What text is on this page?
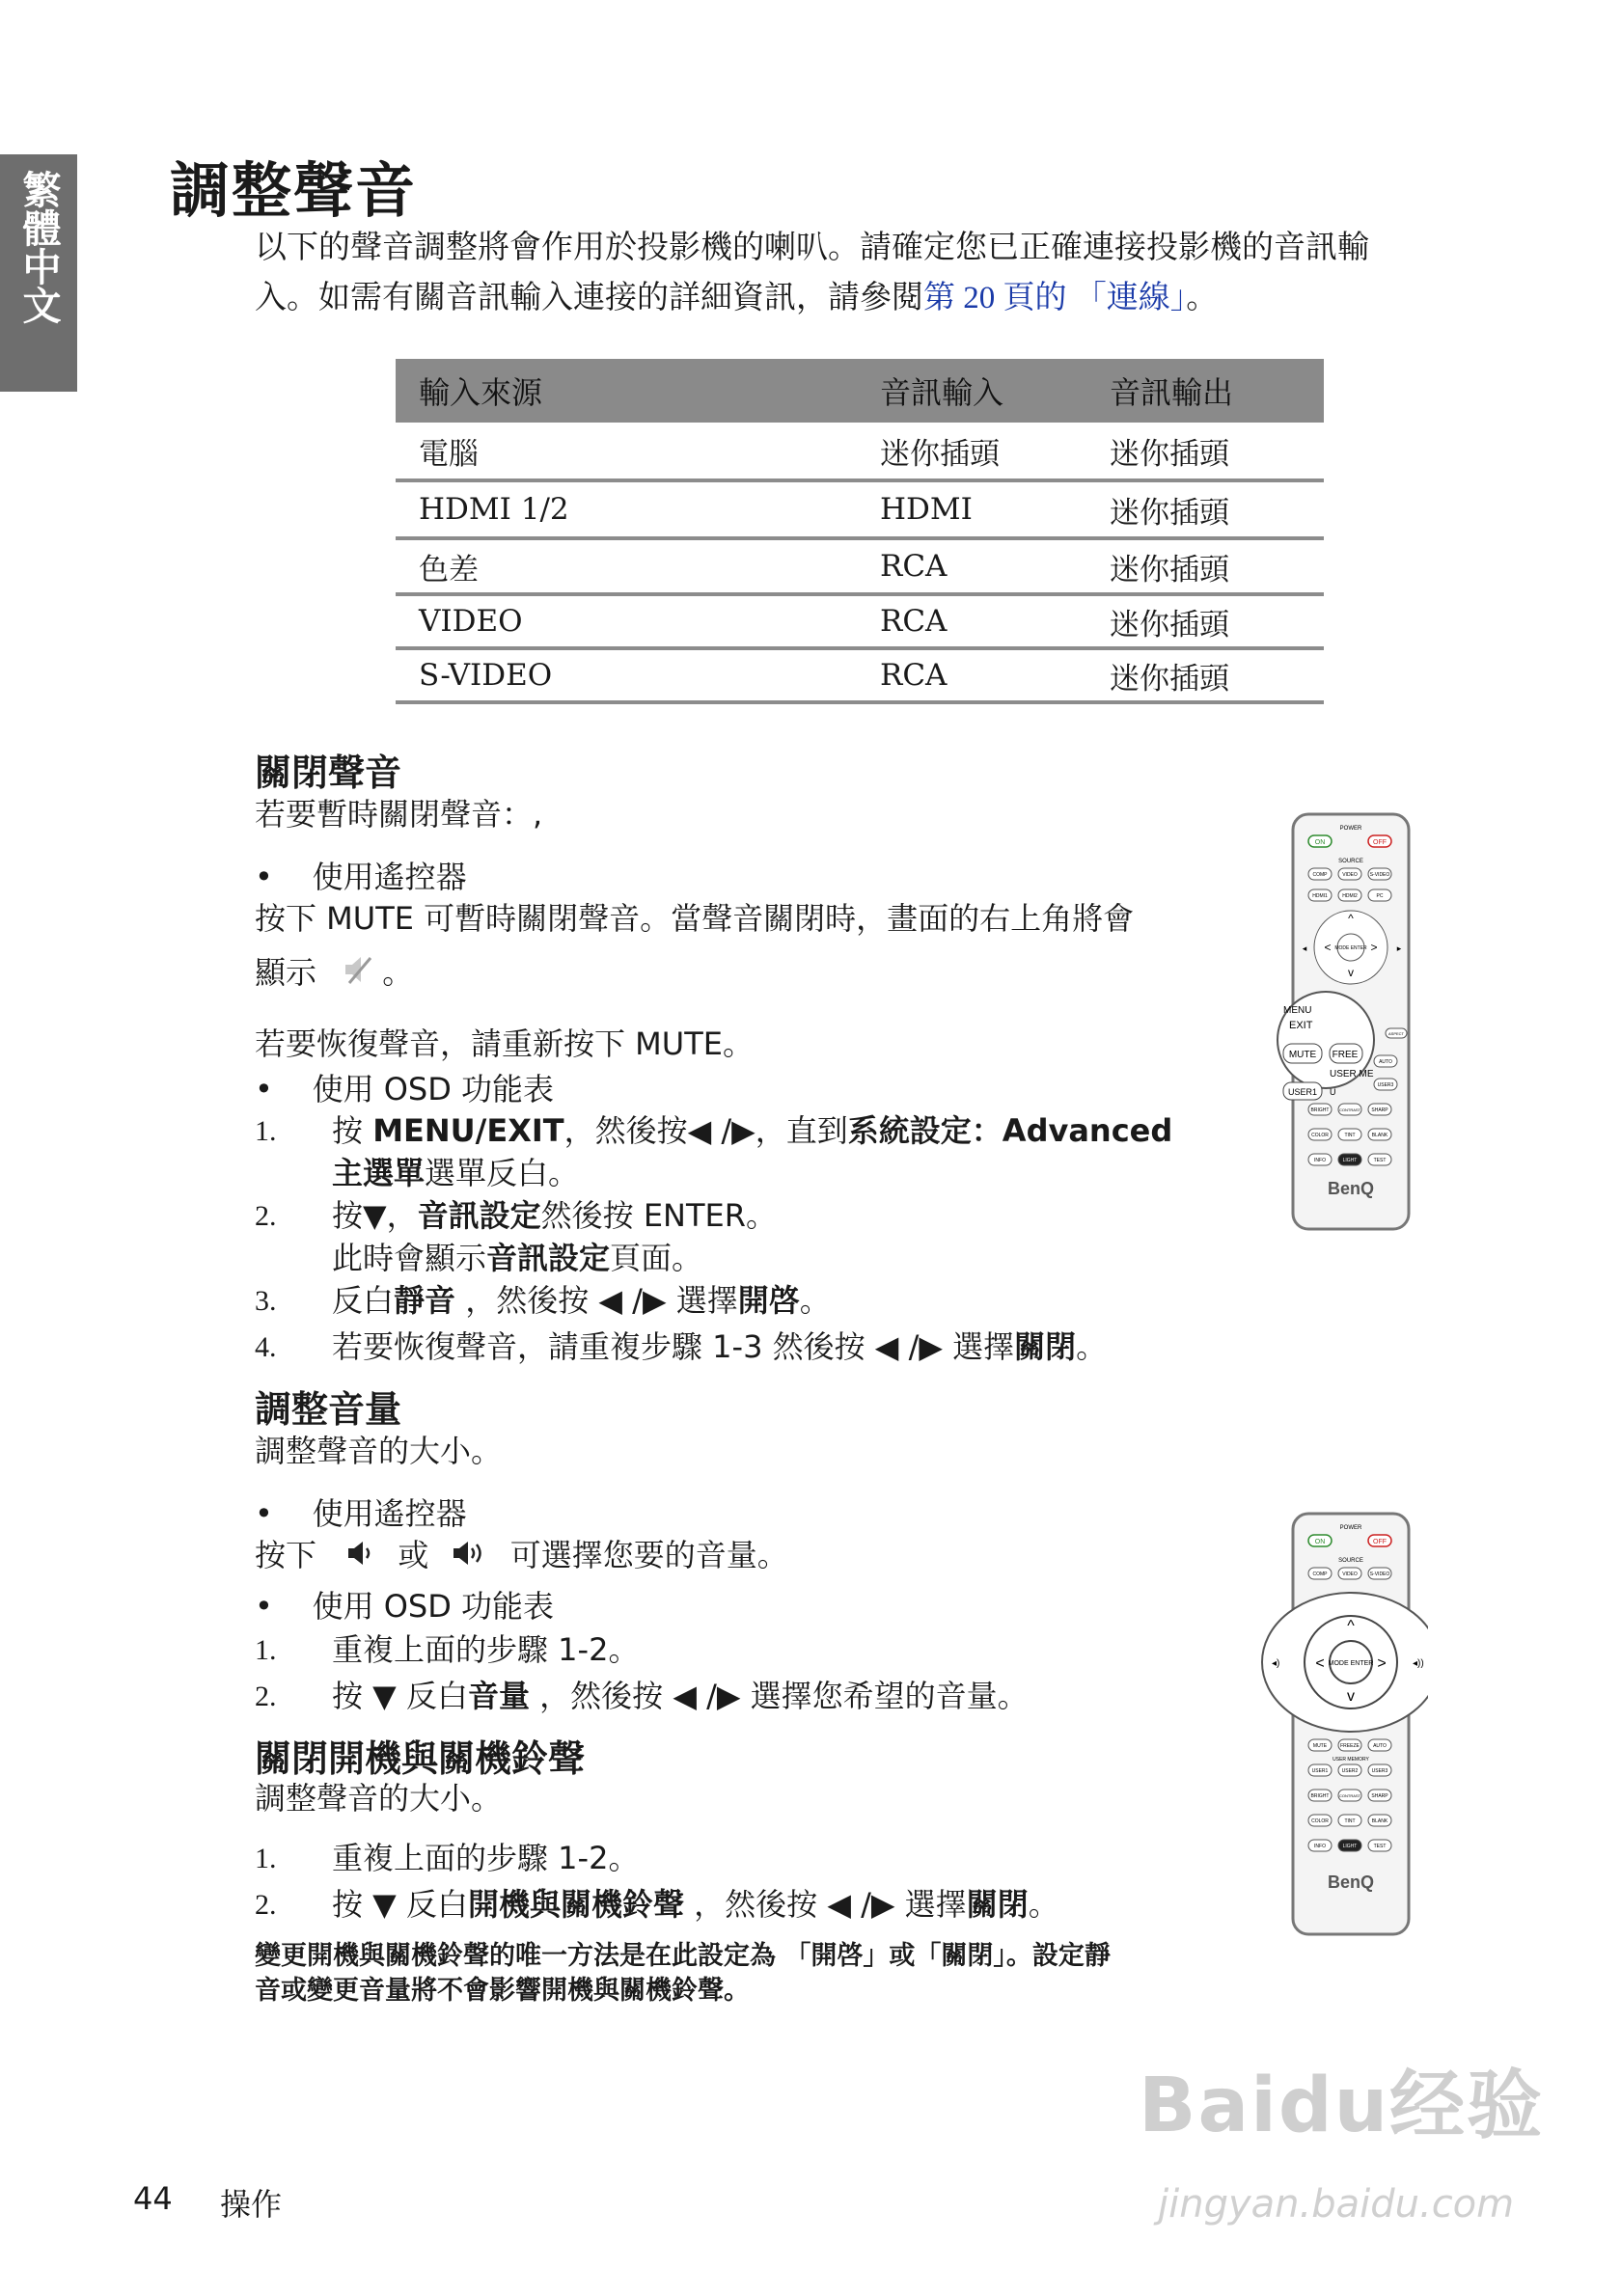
繁體中文 調整聲音
以下的聲音調整將會作用於投影機的喇叭。請確定您已正確連接投影機的音訊輸
入。如需有關音訊輸入連接的詳細資訊，請參閱第 20 頁的 「連線」。
輸入來源	音訊輸入	音訊輸出
電腦	迷你插頭	迷你插頭
HDMI 1/2	HDMI	迷你插頭
色差	RCA	迷你插頭
VIDEO	RCA	迷你插頭
S-VIDEO	RCA	迷你插頭
關閉聲音
若要暫時關閉聲音：,
•    使用遙控器
按下 MUTE 可暫時關閉聲音。當聲音關閉時，畫面的右上角將會
顯示 。
若要恢復聲音，請重新按下 MUTE。
•    使用 OSD 功能表
1. 按 MENU/EXIT，然後按◀ /▶，直到系統設定：Advanced
主選單選單反白。
2. 按▼，音訊設定然後按 ENTER。
此時會顯示音訊設定頁面。
3. 反白靜音 ，然後按 ◀ /▶ 選擇開啓。
4. 若要恢復聲音，請重複步驟 1-3 然後按 ◀ /▶ 選擇關閉。
調整音量
調整聲音的大小。
•    使用遙控器
按下	或	可選擇您要的音量。
•    使用 OSD 功能表
1. 重複上面的步驟 1-2。
2. 按 ▼ 反白音量 ，然後按 ◀ /▶ 選擇您希望的音量。
關閉開機與關機鈴聲
調整聲音的大小。
1. 重複上面的步驟 1-2。
2. 按 ▼ 反白開機與關機鈴聲 ，然後按 ◀ /▶ 選擇關閉。
變更開機與關機鈴聲的唯一方法是在此設定為 「開啓」或「關閉」。設定靜
音或變更音量將不會影響開機與關機鈴聲。
POWER
ON	OFF
SOURCE
COMP	VIDEO	S-VIDEO
HDMI1	HDMI2	PC
MODE ENTER
^
<	>
v
◂	▸
MENU
EXIT
MUTE FREE
USER ME
USER1 U
ASPECT
AUTO
USER3
BRIGHT	CONTRAST SHARP
COLOR	TINT	BLANK
INFO	LIGHT	TEST
BenQ
POWER
ON	OFF
SOURCE
COMP	VIDEO	S-VIDEO
MODE ENTER
^
<	>
v
◂)	◂))
MUTE	FREEZE	AUTO
USER MEMORY
USER1	USER2	USER3
BRIGHT	CONTRAST SHARP
COLOR	TINT	BLANK
INFO	LIGHT	TEST
BenQ
44 操作
Baidu经验
jingyan.baidu.com
